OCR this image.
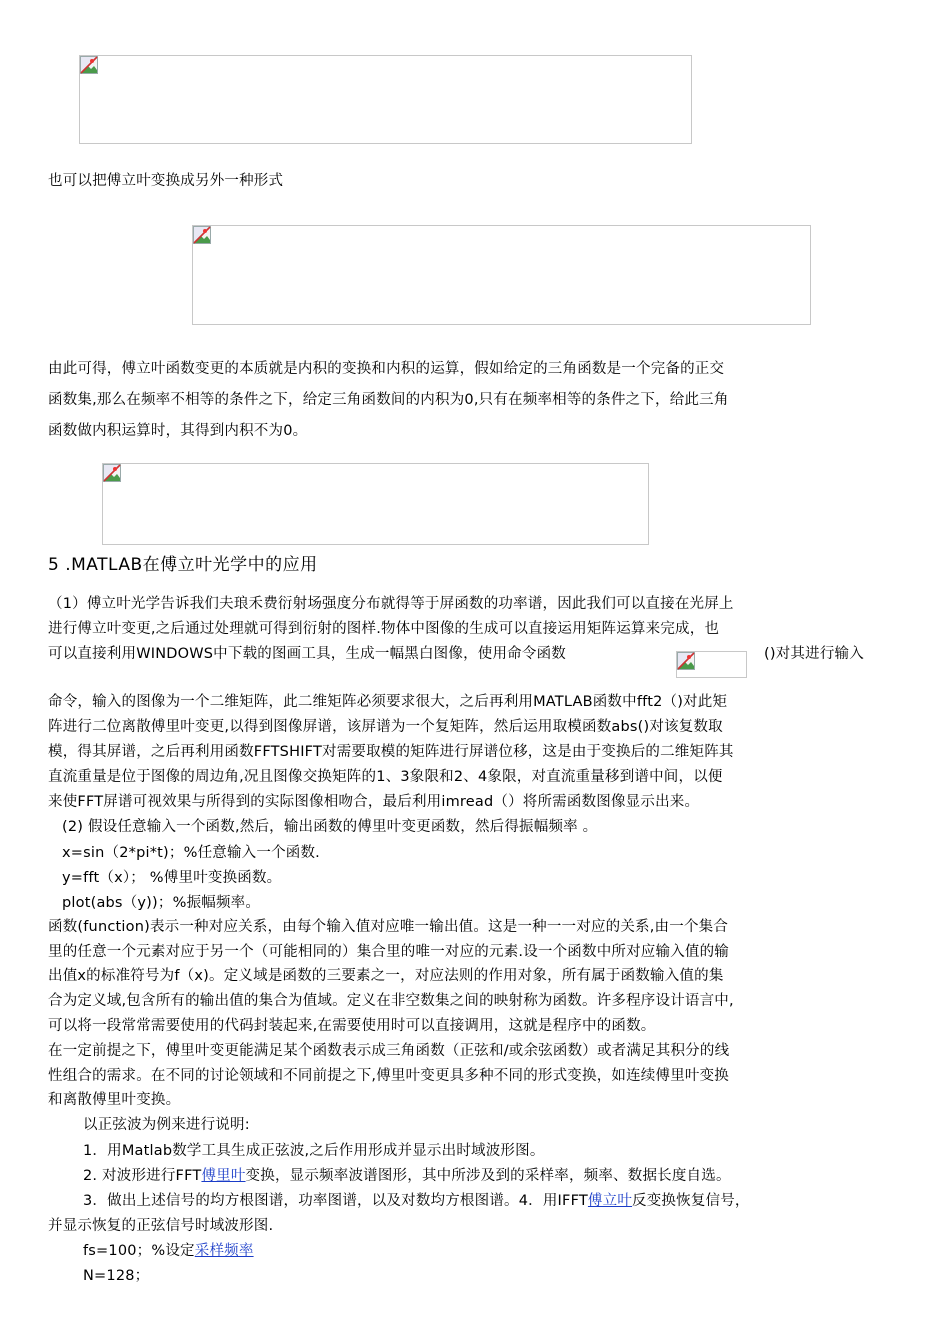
也可以把傅立叶变换成另外一种形式
由此可得，傅立叶函数变更的本质就是内积的变换和内积的运算，假如给定的三角函数是一个完备的正交
函数集,那么在频率不相等的条件之下，给定三角函数间的内积为0,只有在频率相等的条件之下，给此三角
函数做内积运算时，其得到内积不为0。
5 .MATLAB在傅立叶光学中的应用
（1）傅立叶光学告诉我们夫琅禾费衍射场强度分布就得等于屏函数的功率谱，因此我们可以直接在光屏上
进行傅立叶变更,之后通过处理就可得到衍射的图样.物体中图像的生成可以直接运用矩阵运算来完成，也
可以直接利用WINDOWS中下载的图画工具，生成一幅黑白图像，使用命令函数	()对其进行输入
命令，输入的图像为一个二维矩阵，此二维矩阵必须要求很大，之后再利用MATLAB函数中fft2（)对此矩
阵进行二位离散傅里叶变更,以得到图像屏谱，该屏谱为一个复矩阵，然后运用取模函数abs()对该复数取
模，得其屏谱，之后再利用函数FFTSHIFT对需要取模的矩阵进行屏谱位移，这是由于变换后的二维矩阵其
直流重量是位于图像的周边角,况且图像交换矩阵的1、3象限和2、4象限，对直流重量移到谱中间，以便
来使FFT屏谱可视效果与所得到的实际图像相吻合，最后利用imread（）将所需函数图像显示出来。
(2) 假设任意输入一个函数,然后，输出函数的傅里叶变更函数，然后得振幅频率 。
x=sin（2*pi*t)；%任意输入一个函数.
y=fft（x）； %傅里叶变换函数。
plot(abs（y))；%振幅频率。
函数(function)表示一种对应关系，由每个输入值对应唯一输出值。这是一种一一对应的关系,由一个集合
里的任意一个元素对应于另一个（可能相同的）集合里的唯一对应的元素.设一个函数中所对应输入值的输
出值x的标准符号为f（x)。定义域是函数的三要素之一，对应法则的作用对象，所有属于函数输入值的集
合为定义域,包含所有的输出值的集合为值域。定义在非空数集之间的映射称为函数。许多程序设计语言中,
可以将一段常常需要使用的代码封装起来,在需要使用时可以直接调用，这就是程序中的函数。
在一定前提之下，傅里叶变更能满足某个函数表示成三角函数（正弦和/或余弦函数）或者满足其积分的线
性组合的需求。在不同的讨论领域和不同前提之下,傅里叶变更具多种不同的形式变换，如连续傅里叶变换
和离散傅里叶变换。
以正弦波为例来进行说明:
1．用Matlab数学工具生成正弦波,之后作用形成并显示出时域波形图。
2. 对波形进行FFT傅里叶变换，显示频率波谱图形，其中所涉及到的采样率，频率、数据长度自选。
3．做出上述信号的均方根图谱，功率图谱，以及对数均方根图谱。4．用IFFT傅立叶反变换恢复信号，
并显示恢复的正弦信号时域波形图.
fs=100；%设定采样频率
N=128；
